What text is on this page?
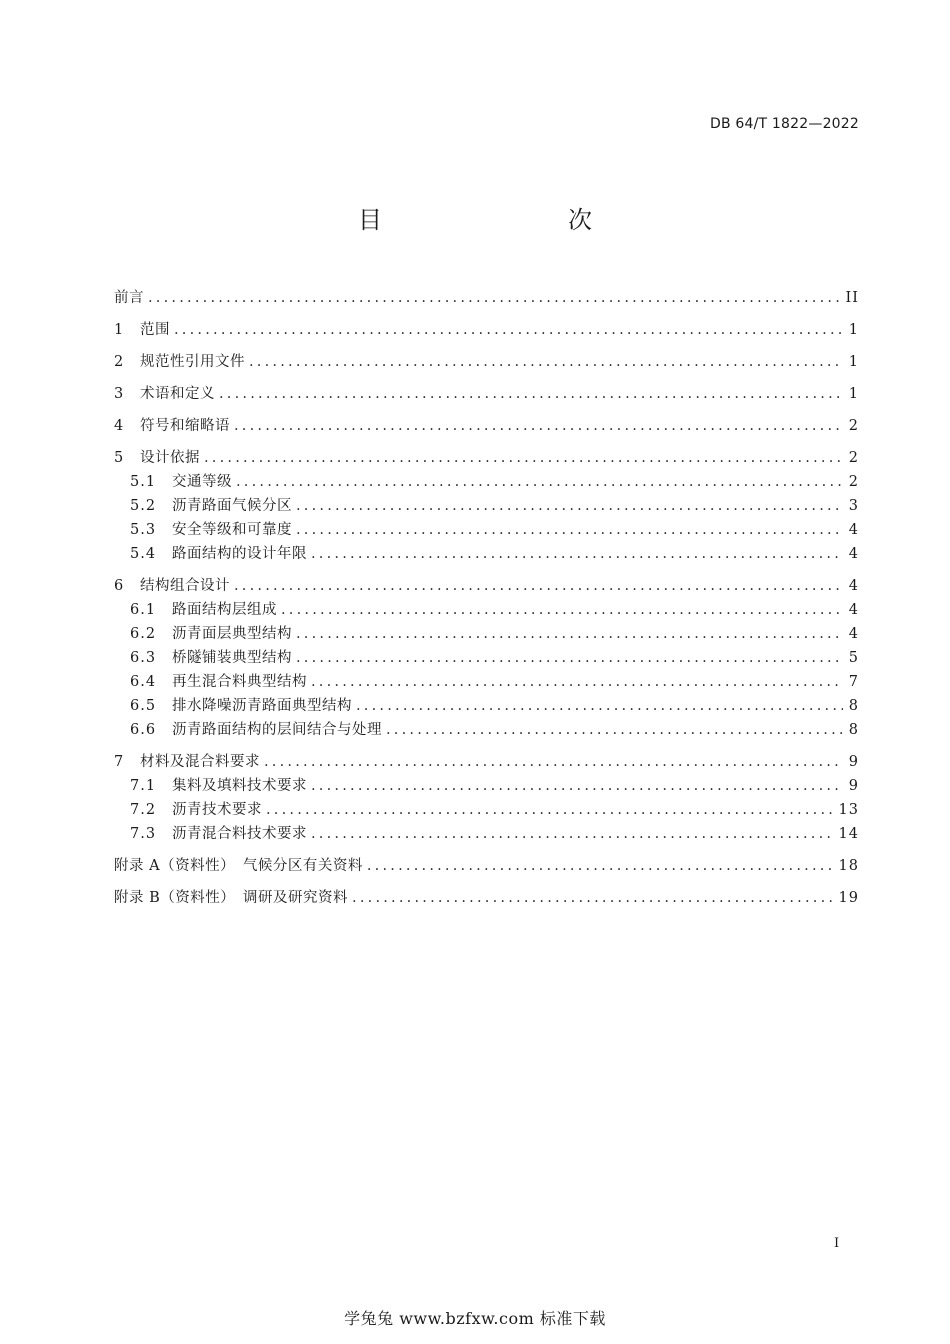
DB 64/T 1822—2022
目　　次
前言 .....	II
1	范围 .....	1
2	规范性引用文件 .....	1
3	术语和定义 .....	1
4	符号和缩略语 .....	2
5	设计依据 .....	2
5.1	交通等级 .....	2
5.2	沥青路面气候分区 .....	3
5.3	安全等级和可靠度 .....	4
5.4	路面结构的设计年限 .....	4
6	结构组合设计 .....	4
6.1	路面结构层组成 .....	4
6.2	沥青面层典型结构 .....	4
6.3	桥隧铺装典型结构 .....	5
6.4	再生混合料典型结构 .....	7
6.5	排水降噪沥青路面典型结构 .....	8
6.6	沥青路面结构的层间结合与处理 .....	8
7	材料及混合料要求 .....	9
7.1	集料及填料技术要求 .....	9
7.2	沥青技术要求 .....	13
7.3	沥青混合料技术要求 .....	14
附录 A（资料性）　气候分区有关资料 .....	18
附录 B（资料性）　调研及研究资料 .....	19
I
学兔兔 www.bzfxw.com 标准下载
